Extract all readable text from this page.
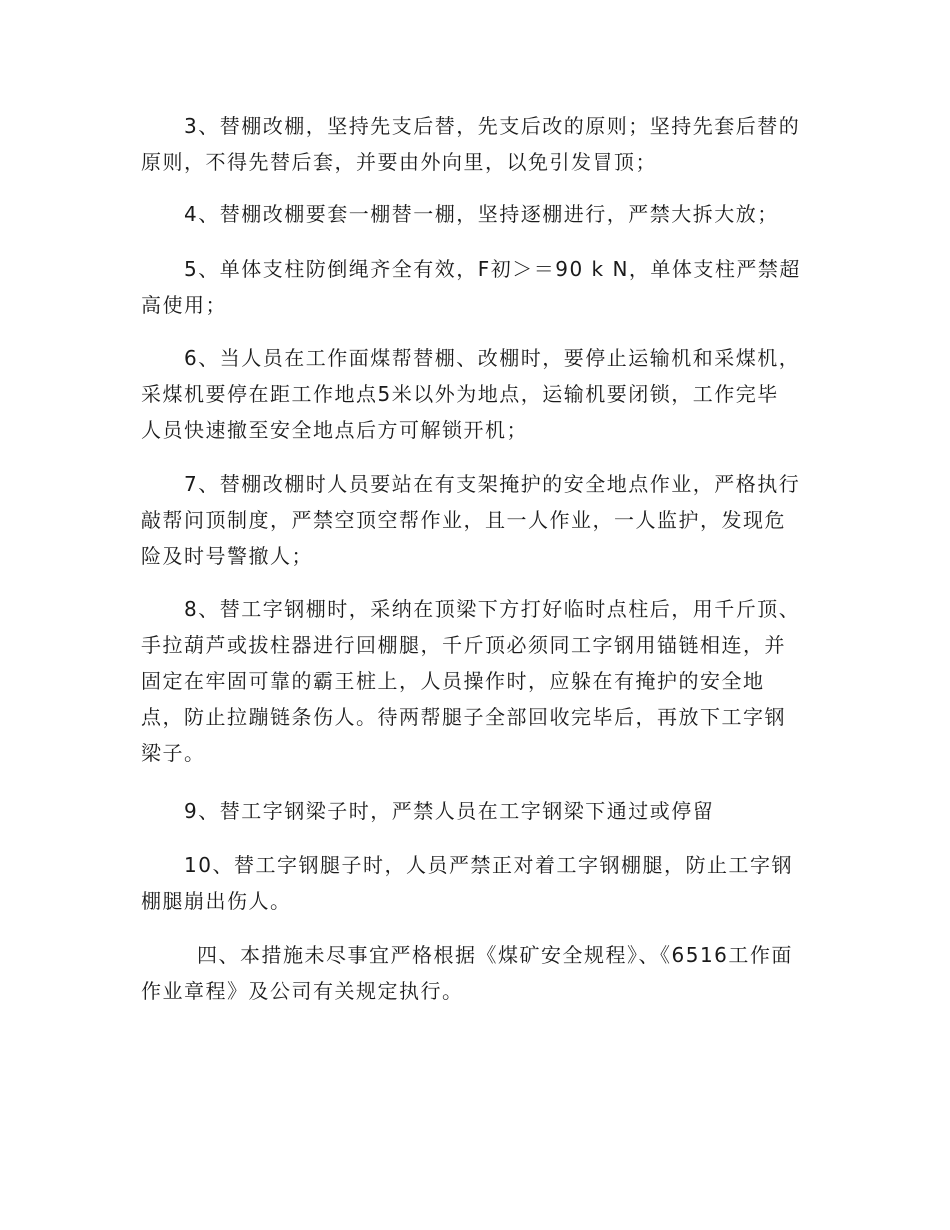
3、替棚改棚，坚持先支后替，先支后改的原则；坚持先套后替的
原则，不得先替后套，并要由外向里，以免引发冒顶；
4、替棚改棚要套一棚替一棚，坚持逐棚进行，严禁大拆大放；
5、单体支柱防倒绳齐全有效，F初＞＝90 k N，单体支柱严禁超
高使用；
6、当人员在工作面煤帮替棚、改棚时，要停止运输机和采煤机，
采煤机要停在距工作地点5米以外为地点，运输机要闭锁，工作完毕
人员快速撤至安全地点后方可解锁开机；
7、替棚改棚时人员要站在有支架掩护的安全地点作业，严格执行
敲帮问顶制度，严禁空顶空帮作业，且一人作业，一人监护，发现危
险及时号警撤人；
8、替工字钢棚时，采纳在顶梁下方打好临时点柱后，用千斤顶、
手拉葫芦或拔柱器进行回棚腿，千斤顶必须同工字钢用锚链相连，并
固定在牢固可靠的霸王桩上，人员操作时，应躲在有掩护的安全地
点，防止拉蹦链条伤人。待两帮腿子全部回收完毕后，再放下工字钢
梁子。
9、替工字钢梁子时，严禁人员在工字钢梁下通过或停留
10、替工字钢腿子时，人员严禁正对着工字钢棚腿，防止工字钢
棚腿崩出伤人。
四、本措施未尽事宜严格根据《煤矿安全规程》、《6516工作面
作业章程》及公司有关规定执行。
